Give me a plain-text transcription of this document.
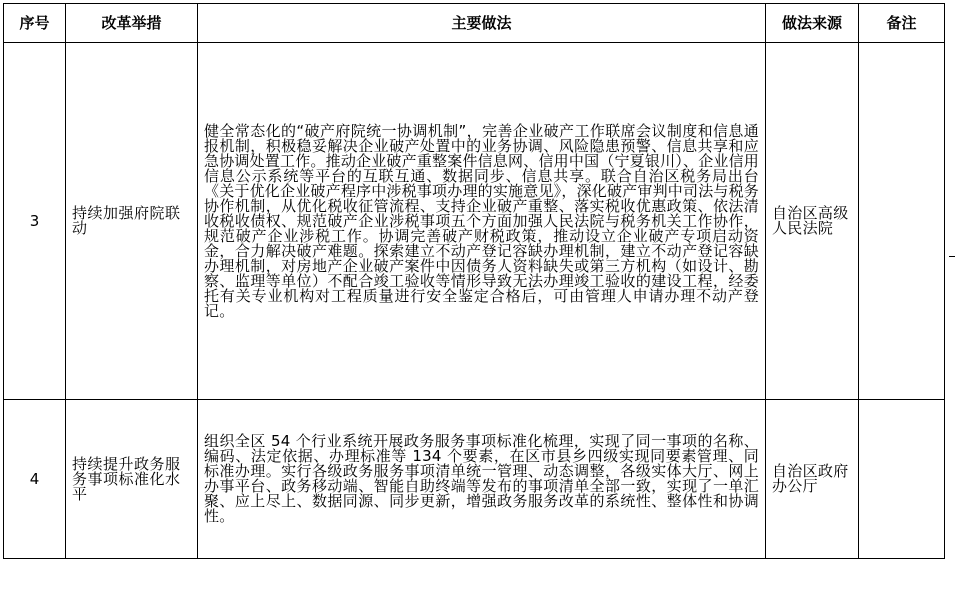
序号	改革举措	主要做法	做法来源	备注
3	持续加强府院联动	健全常态化的“破产府院统一协调机制”，完善企业破产工作联席会议制度和信息通报机制，积极稳妥解决企业破产处置中的业务协调、风险隐患预警、信息共享和应急协调处置工作。推动企业破产重整案件信息网、信用中国（宁夏银川）、企业信用信息公示系统等平台的互联互通、数据同步、信息共享。联合自治区税务局出台《关于优化企业破产程序中涉税事项办理的实施意见》，深化破产审判中司法与税务协作机制，从优化税收征管流程、支持企业破产重整、落实税收优惠政策、依法清收税收债权、规范破产企业涉税事项五个方面加强人民法院与税务机关工作协作，规范破产企业涉税工作。协调完善破产财税政策，推动设立企业破产专项启动资金，合力解决破产难题。探索建立不动产登记容缺办理机制，建立不动产登记容缺办理机制，对房地产企业破产案件中因债务人资料缺失或第三方机构（如设计、勘察、监理等单位）不配合竣工验收等情形导致无法办理竣工验收的建设工程，经委托有关专业机构对工程质量进行安全鉴定合格后，可由管理人申请办理不动产登记。	自治区高级人民法院	
4	持续提升政务服务事项标准化水平	组织全区 54 个行业系统开展政务服务事项标准化梳理，实现了同一事项的名称、编码、法定依据、办理标准等 134 个要素，在区市县乡四级实现同要素管理、同标准办理。实行各级政务服务事项清单统一管理、动态调整，各级实体大厅、网上办事平台、政务移动端、智能自助终端等发布的事项清单全部一致，实现了一单汇聚、应上尽上、数据同源、同步更新，增强政务服务改革的系统性、整体性和协调性。	自治区政府办公厅	
